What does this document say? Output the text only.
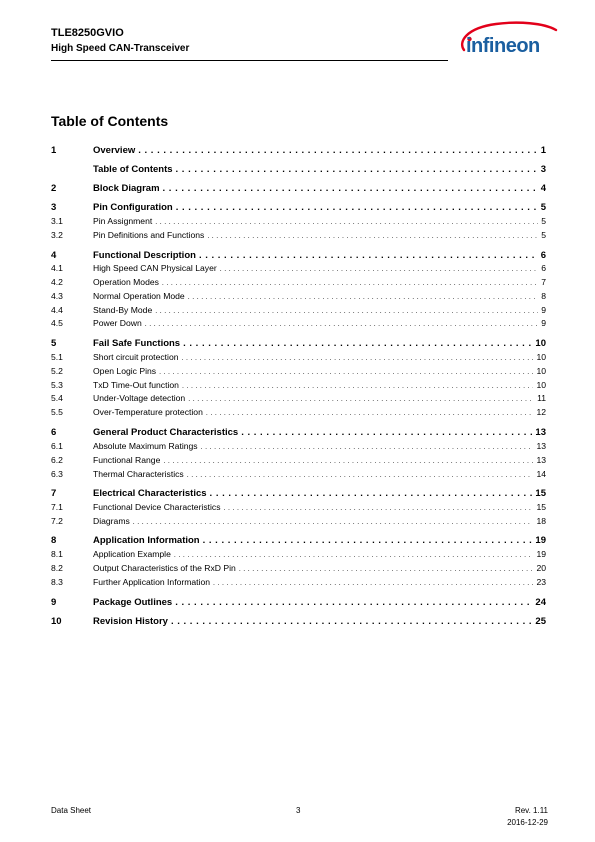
TLE8250GVIO
High Speed CAN-Transceiver	infineon
Table of Contents
1	Overview . . .	1
Table of Contents . . .	3
2	Block Diagram . . .	4
3	Pin Configuration . . .	5
3.1	Pin Assignment . . .	5
3.2	Pin Definitions and Functions . . .	5
4	Functional Description . . .	6
4.1	High Speed CAN Physical Layer . . .	6
4.2	Operation Modes . . .	7
4.3	Normal Operation Mode . . .	8
4.4	Stand-By Mode . . .	9
4.5	Power Down . . .	9
5	Fail Safe Functions . . .	10
5.1	Short circuit protection . . .	10
5.2	Open Logic Pins . . .	10
5.3	TxD Time-Out function . . .	10
5.4	Under-Voltage detection . . .	11
5.5	Over-Temperature protection . . .	12
6	General Product Characteristics . . .	13
6.1	Absolute Maximum Ratings . . .	13
6.2	Functional Range . . .	13
6.3	Thermal Characteristics . . .	14
7	Electrical Characteristics . . .	15
7.1	Functional Device Characteristics . . .	15
7.2	Diagrams . . .	18
8	Application Information . . .	19
8.1	Application Example . . .	19
8.2	Output Characteristics of the RxD Pin . . .	20
8.3	Further Application Information . . .	23
9	Package Outlines . . .	24
10	Revision History . . .	25
Data Sheet	3	Rev. 1.11
2016-12-29
